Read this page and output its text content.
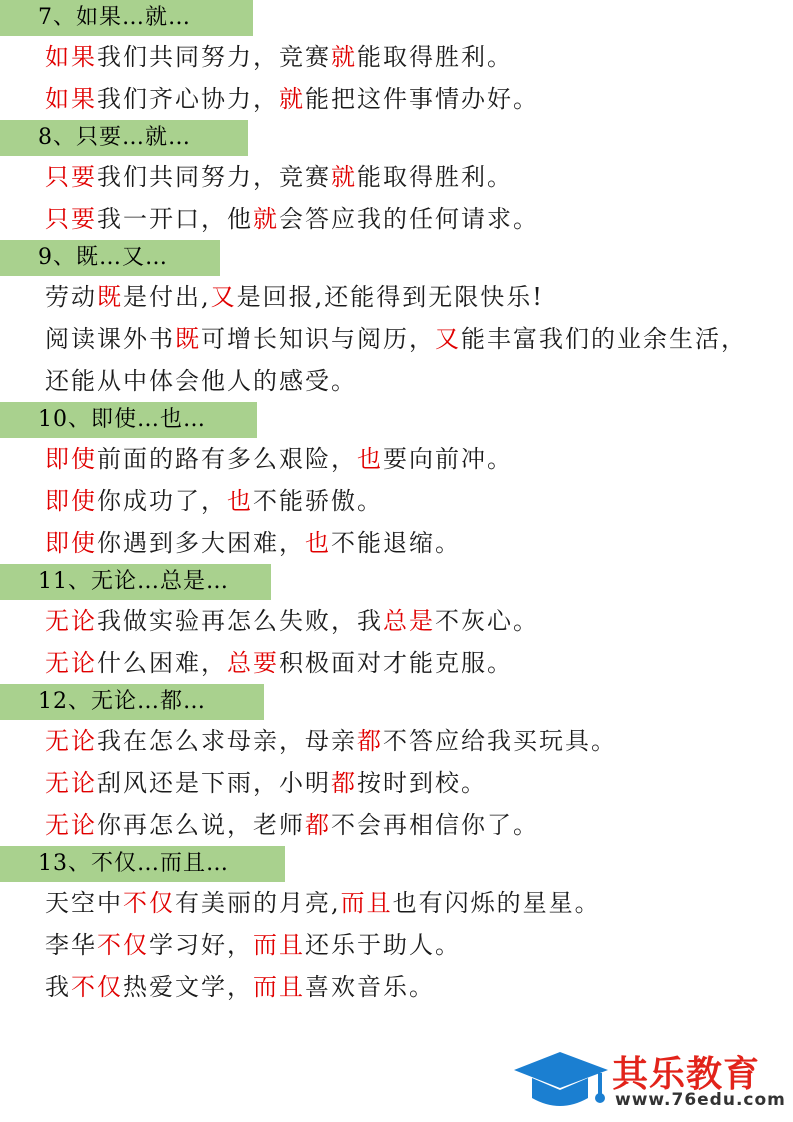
7、如果…就…
如果我们共同努力，竞赛就能取得胜利。
如果我们齐心协力，就能把这件事情办好。
8、只要…就…
只要我们共同努力，竞赛就能取得胜利。
只要我一开口，他就会答应我的任何请求。
9、既…又…
劳动既是付出,又是回报,还能得到无限快乐!
阅读课外书既可增长知识与阅历，又能丰富我们的业余生活，还能从中体会他人的感受。
10、即使…也…
即使前面的路有多么艰险，也要向前冲。
即使你成功了，也不能骄傲。
即使你遇到多大困难，也不能退缩。
11、无论…总是…
无论我做实验再怎么失败，我总是不灰心。
无论什么困难，总要积极面对才能克服。
12、无论…都…
无论我在怎么求母亲，母亲都不答应给我买玩具。
无论刮风还是下雨，小明都按时到校。
无论你再怎么说，老师都不会再相信你了。
13、不仅…而且…
天空中不仅有美丽的月亮,而且也有闪烁的星星。
李华不仅学习好，而且还乐于助人。
我不仅热爱文学，而且喜欢音乐。
其乐教育
www.76edu.com
